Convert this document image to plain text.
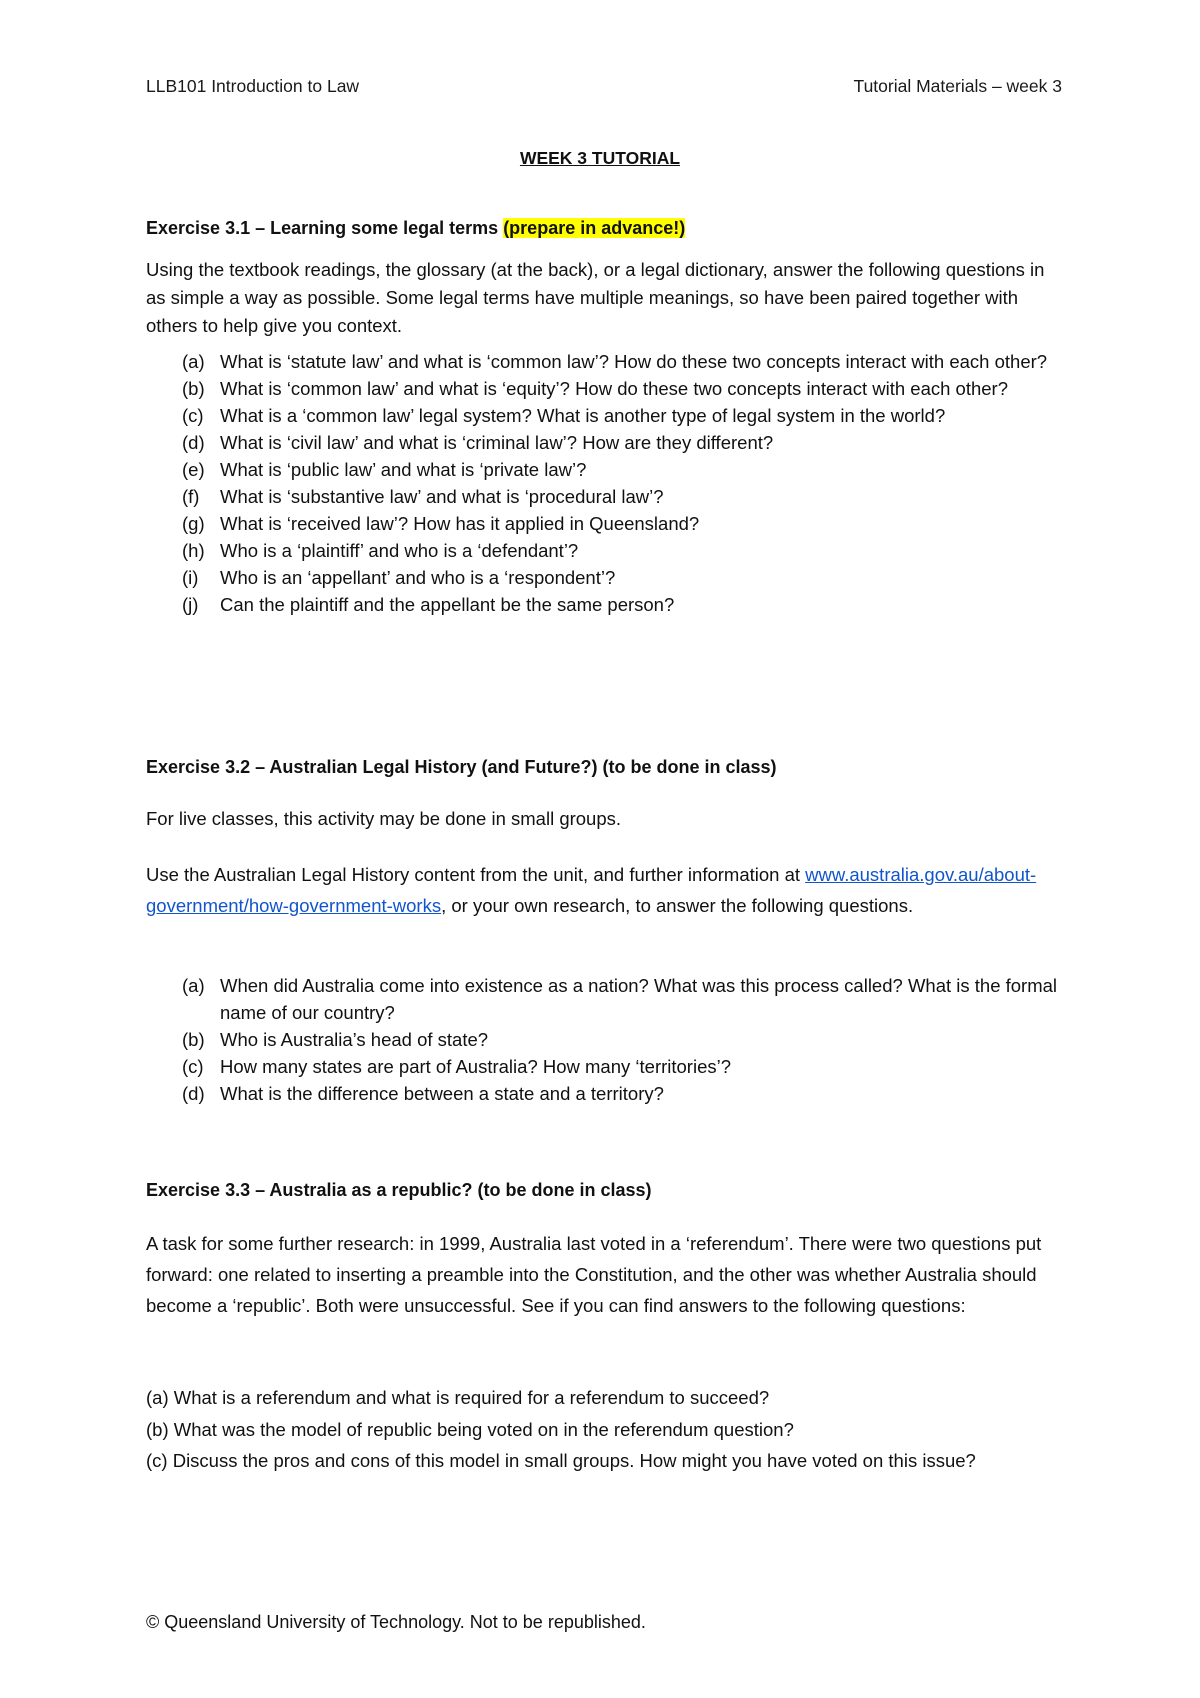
LLB101 Introduction to Law	Tutorial Materials – week 3
WEEK 3 TUTORIAL
Exercise 3.1 – Learning some legal terms (prepare in advance!)
Using the textbook readings, the glossary (at the back), or a legal dictionary, answer the following questions in as simple a way as possible. Some legal terms have multiple meanings, so have been paired together with others to help give you context.
(a) What is ‘statute law’ and what is ‘common law’? How do these two concepts interact with each other?
(b) What is ‘common law’ and what is ‘equity’? How do these two concepts interact with each other?
(c) What is a ‘common law’ legal system? What is another type of legal system in the world?
(d) What is ‘civil law’ and what is ‘criminal law’? How are they different?
(e) What is ‘public law’ and what is ‘private law’?
(f) What is ‘substantive law’ and what is ‘procedural law’?
(g) What is ‘received law’? How has it applied in Queensland?
(h) Who is a ‘plaintiff’ and who is a ‘defendant’?
(i) Who is an ‘appellant’ and who is a ‘respondent’?
(j) Can the plaintiff and the appellant be the same person?
Exercise 3.2 – Australian Legal History (and Future?) (to be done in class)
For live classes, this activity may be done in small groups.
Use the Australian Legal History content from the unit, and further information at www.australia.gov.au/about-government/how-government-works, or your own research, to answer the following questions.
(a) When did Australia come into existence as a nation? What was this process called? What is the formal name of our country?
(b) Who is Australia’s head of state?
(c) How many states are part of Australia? How many ‘territories’?
(d) What is the difference between a state and a territory?
Exercise 3.3 – Australia as a republic? (to be done in class)
A task for some further research: in 1999, Australia last voted in a ‘referendum’. There were two questions put forward: one related to inserting a preamble into the Constitution, and the other was whether Australia should become a ‘republic’. Both were unsuccessful. See if you can find answers to the following questions:
(a) What is a referendum and what is required for a referendum to succeed?
(b) What was the model of republic being voted on in the referendum question?
(c) Discuss the pros and cons of this model in small groups. How might you have voted on this issue?
© Queensland University of Technology. Not to be republished.
